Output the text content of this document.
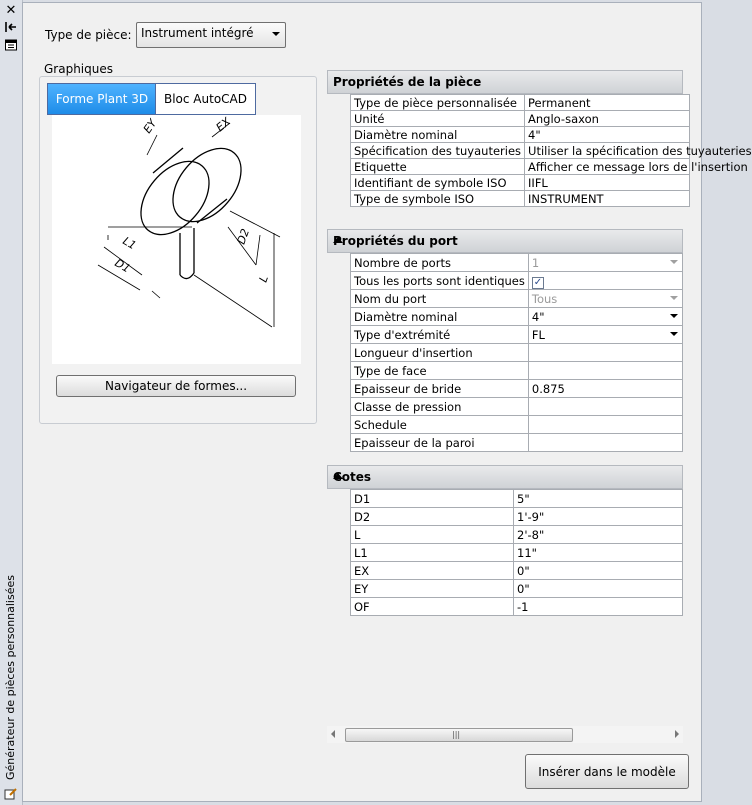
✕
Générateur de pièces personnalisées
Type de pièce: Instrument intégré
Graphiques
Forme Plant 3D Bloc AutoCAD
EY	EX
L1
D1
D2
L
Navigateur de formes...
Propriétés de la pièce
Type de pièce personnalisée	Permanent
Unité	Anglo-saxon
Diamètre nominal	4"
Spécification des tuyauteries	Utiliser la spécification des tuyauteries
Etiquette	Afficher ce message lors de l'insertion
Identifiant de symbole ISO	IIFL
Type de symbole ISO	INSTRUMENT
Propriétés du port
Nombre de ports	1

Tous les ports sont identiques	✓
Nom du port	Tous

Diamètre nominal	4"

Type d'extrémité	FL

Longueur d'insertion	
Type de face	
Epaisseur de bride	0.875
Classe de pression	
Schedule	
Epaisseur de la paroi	
Cotes
D1	5"
D2	1'-9"
L	2'-8"
L1	11"
EX	0"
EY	0"
OF	-1
|||
Insérer dans le modèle
